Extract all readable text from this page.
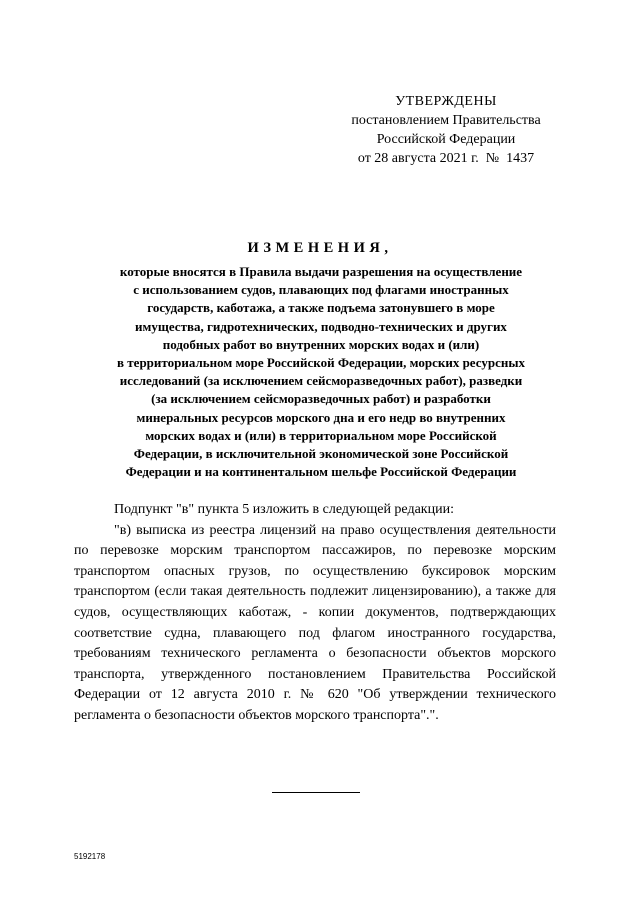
УТВЕРЖДЕНЫ
постановлением Правительства
Российской Федерации
от 28 августа 2021 г.  №  1437
ИЗМЕНЕНИЯ,
которые вносятся в Правила выдачи разрешения на осуществление
с использованием судов, плавающих под флагами иностранных
государств, каботажа, а также подъема затонувшего в море
имущества, гидротехнических, подводно-технических и других
подобных работ во внутренних морских водах и (или)
в территориальном море Российской Федерации, морских ресурсных
исследований (за исключением сейсморазведочных работ), разведки
(за исключением сейсморазведочных работ) и разработки
минеральных ресурсов морского дна и его недр во внутренних
морских водах и (или) в территориальном море Российской
Федерации, в исключительной экономической зоне Российской
Федерации и на континентальном шельфе Российской Федерации

Подпункт "в" пункта 5 изложить в следующей редакции:

"в) выписка из реестра лицензий на право осуществления деятельности по перевозке морским транспортом пассажиров, по перевозке морским транспортом опасных грузов, по осуществлению буксировок морским транспортом (если такая деятельность подлежит лицензированию), а также для судов, осуществляющих каботаж, - копии документов, подтверждающих соответствие судна, плавающего под флагом иностранного государства, требованиям технического регламента о безопасности объектов морского транспорта, утвержденного постановлением Правительства Российской Федерации от 12 августа 2010 г. № 620 "Об утверждении технического регламента о безопасности объектов морского транспорта".".

5192178
